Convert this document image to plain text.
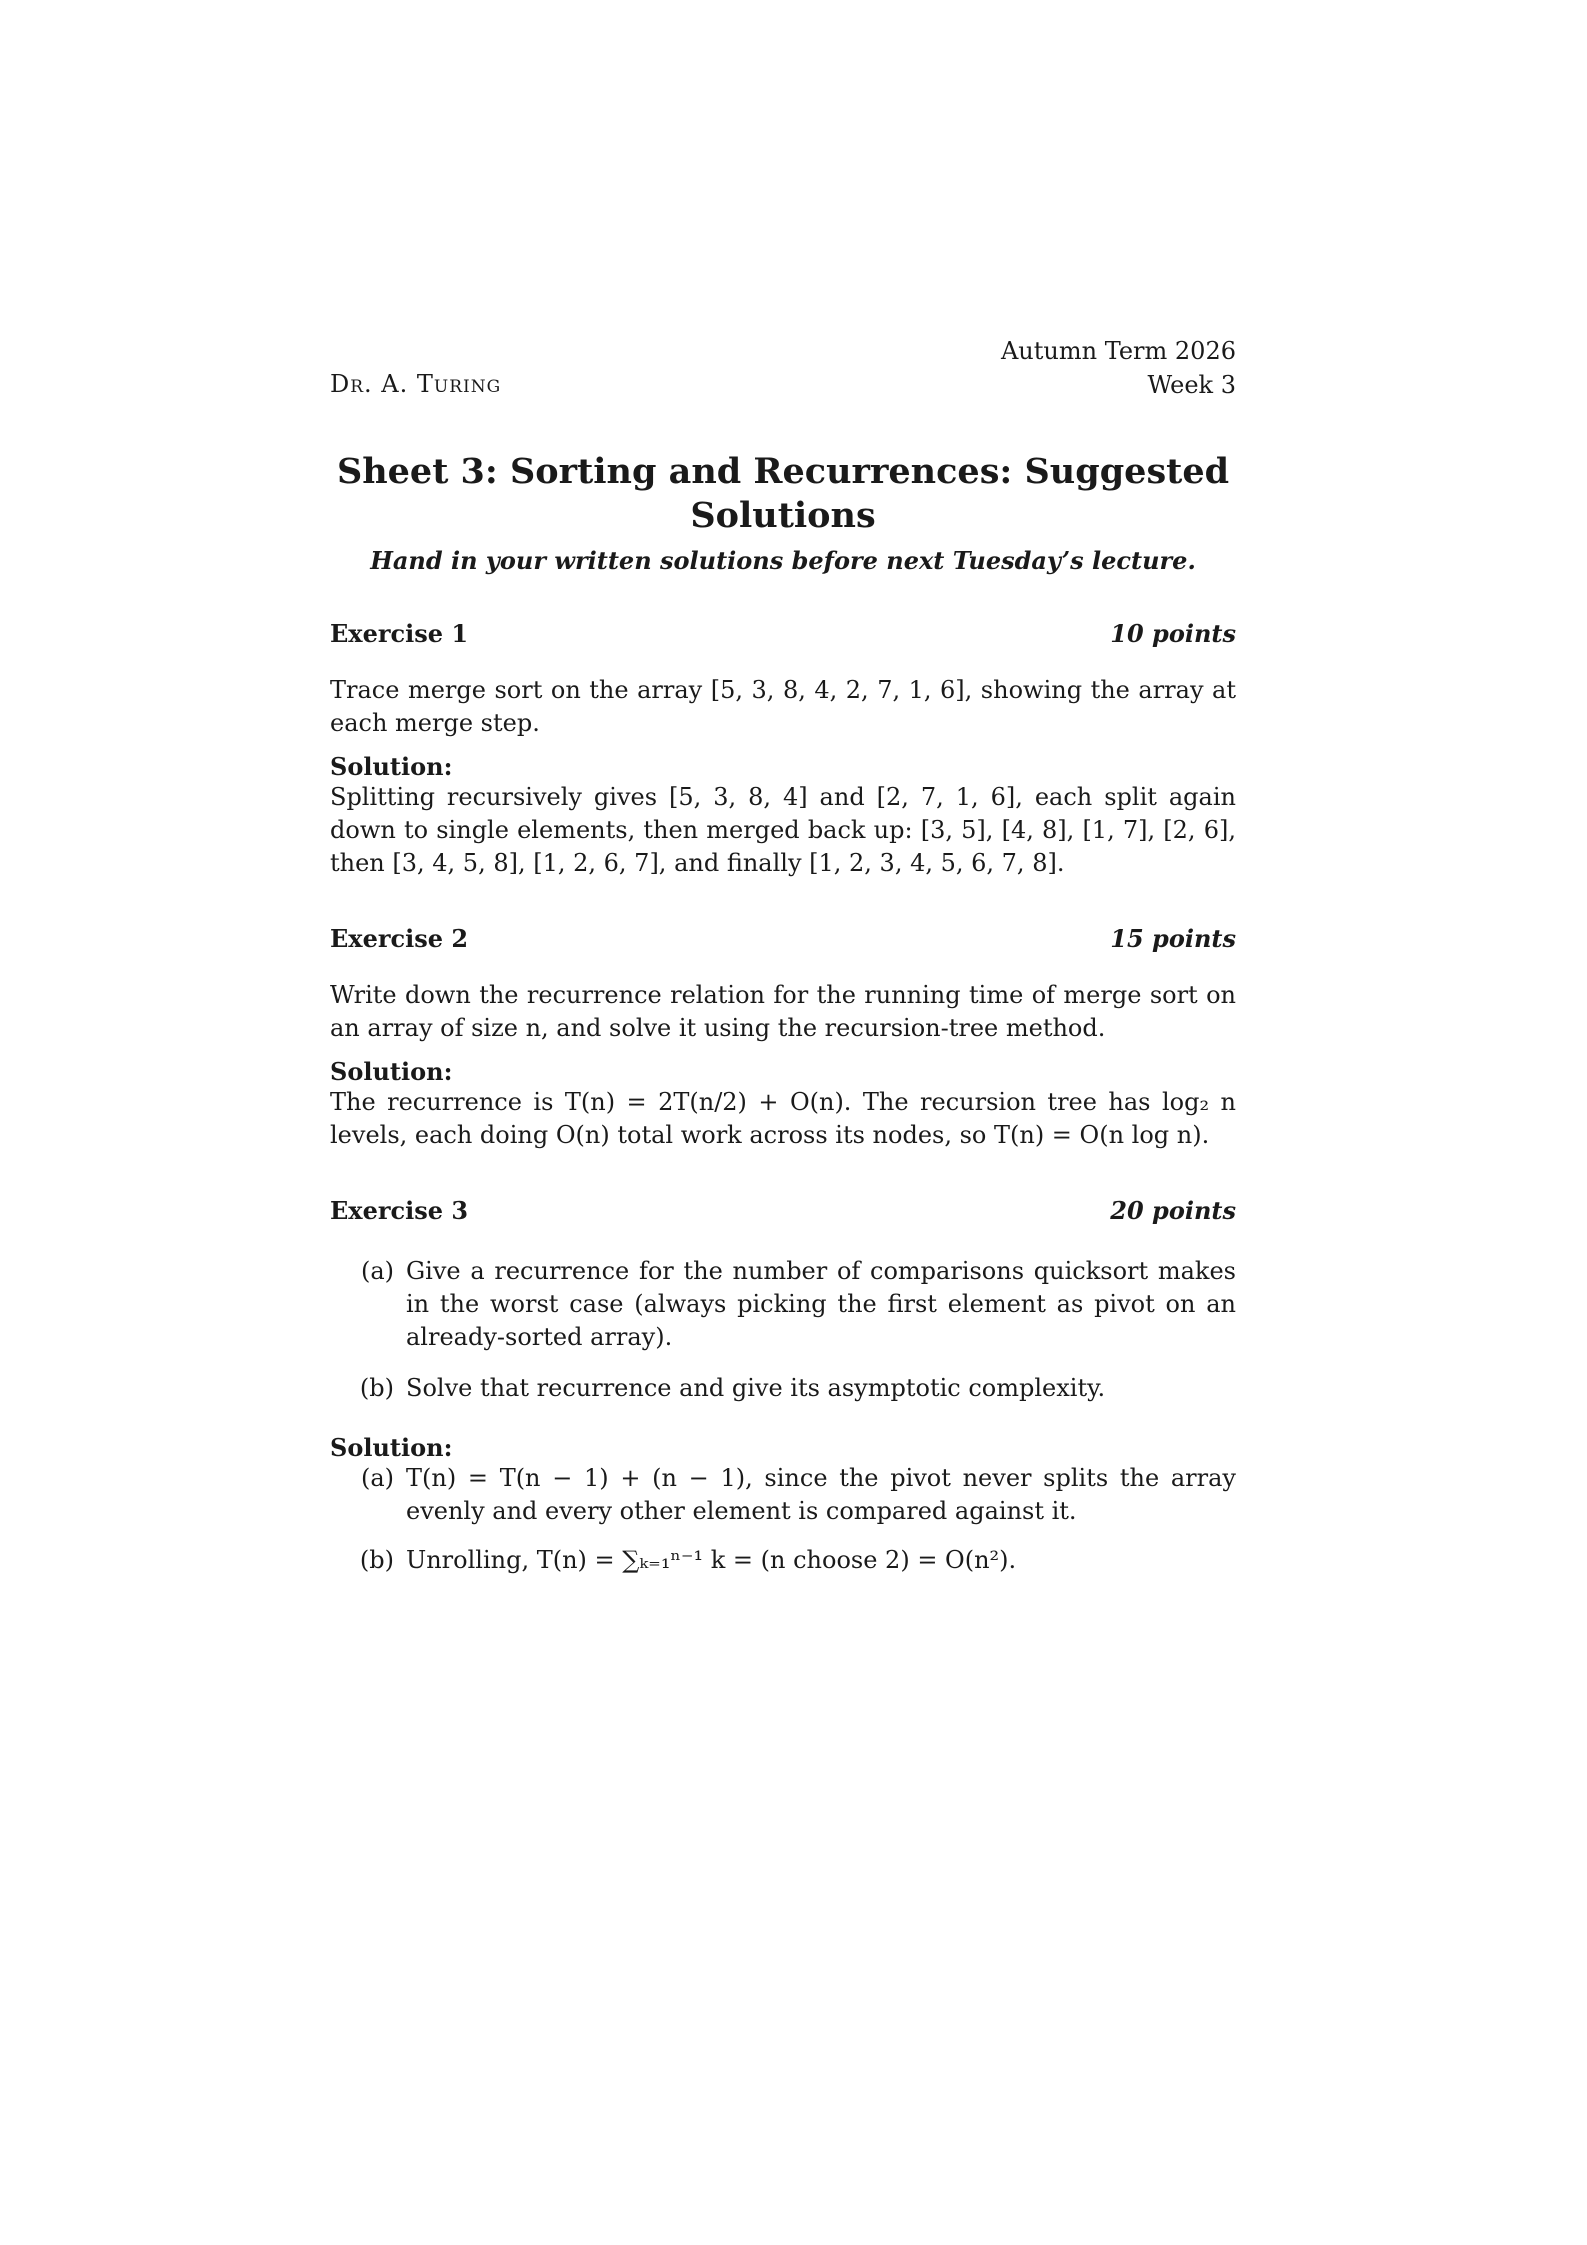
Dr. A. Turing
Autumn Term 2026
Week 3
Sheet 3: Sorting and Recurrences: Suggested
Solutions
Hand in your written solutions before next Tuesday’s lecture.
Exercise 1	10 points
Trace merge sort on the array [5, 3, 8, 4, 2, 7, 1, 6], showing the array at each merge step.
Solution:
Splitting recursively gives [5, 3, 8, 4] and [2, 7, 1, 6], each split again down to single elements, then merged back up: [3, 5], [4, 8], [1, 7], [2, 6], then [3, 4, 5, 8], [1, 2, 6, 7], and finally [1, 2, 3, 4, 5, 6, 7, 8].
Exercise 2	15 points
Write down the recurrence relation for the running time of merge sort on an array of size n, and solve it using the recursion-tree method.
Solution:
The recurrence is T(n) = 2T(n/2) + O(n). The recursion tree has log₂ n levels, each doing O(n) total work across its nodes, so T(n) = O(n log n).
Exercise 3	20 points
(a) Give a recurrence for the number of comparisons quicksort makes in the worst case (always picking the first element as pivot on an already-sorted array).
(b) Solve that recurrence and give its asymptotic complexity.
Solution:
(a) T(n) = T(n − 1) + (n − 1), since the pivot never splits the array evenly and every other element is compared against it.
(b) Unrolling, T(n) = ∑ₖ₌₁ⁿ⁻¹ k = (n choose 2) = O(n²).
